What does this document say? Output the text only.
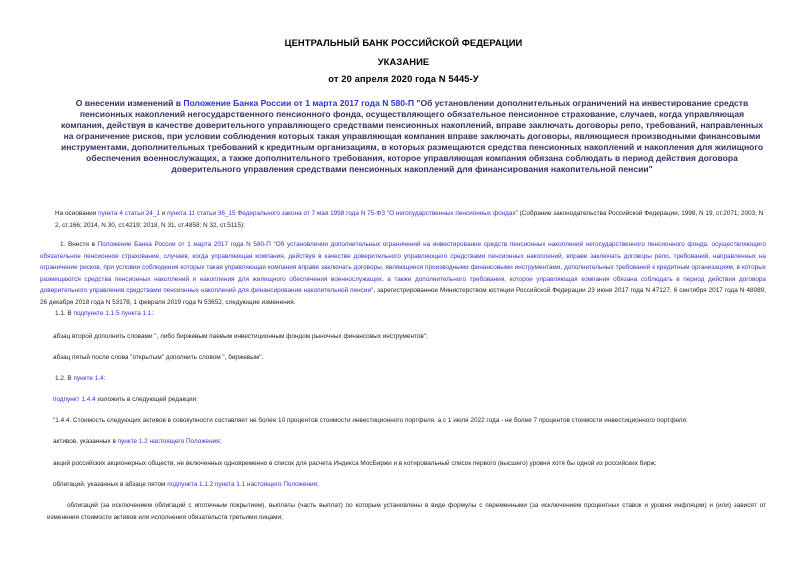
ЦЕНТРАЛЬНЫЙ БАНК РОССИЙСКОЙ ФЕДЕРАЦИИ
УКАЗАНИЕ
от 20 апреля 2020 года N 5445-У
О внесении изменений в Положение Банка России от 1 марта 2017 года N 580-П "Об установлении дополнительных ограничений на инвестирование средств пенсионных накоплений негосударственного пенсионного фонда, осуществляющего обязательное пенсионное страхование, случаев, когда управляющая компания, действуя в качестве доверительного управляющего средствами пенсионных накоплений, вправе заключать договоры репо, требований, направленных на ограничение рисков, при условии соблюдения которых такая управляющая компания вправе заключать договоры, являющиеся производными финансовыми инструментами, дополнительных требований к кредитным организациям, в которых размещаются средства пенсионных накоплений и накопления для жилищного обеспечения военнослужащих, а также дополнительного требования, которое управляющая компания обязана соблюдать в период действия договора доверительного управления средствами пенсионных накоплений для финансирования накопительной пенсии"
На основании пункта 4 статьи 24_1 и пункта 11 статьи 36_15 Федерального закона от 7 мая 1998 года N 75-ФЗ "О негосударственных пенсионных фондах" (Собрание законодательства Российской Федерации, 1998, N 19, ст.2071; 2003, N 2, ст.166; 2014, N 30, ст.4219; 2018, N 31, ст.4858; N 32, ст.5115):
1. Внести в Положение Банка России от 1 марта 2017 года N 580-П "Об установлении дополнительных ограничений на инвестирование средств пенсионных накоплений негосударственного пенсионного фонда, осуществляющего обязательное пенсионное страхование, случаев, когда управляющая компания, действуя в качестве доверительного управляющего средствами пенсионных накоплений, вправе заключать договоры репо, требований, направленных на ограничение рисков, при условии соблюдения которых такая управляющая компания вправе заключать договоры, являющиеся производными финансовыми инструментами, дополнительных требований к кредитным организациям, в которых размещаются средства пенсионных накоплений и накопления для жилищного обеспечения военнослужащих, а также дополнительного требования, которое управляющая компания обязана соблюдать в период действия договора доверительного управления средствами пенсионных накоплений для финансирования накопительной пенсии", зарегистрированное Министерством юстиции Российской Федерации 23 июня 2017 года N 47127, 6 сентября 2017 года N 48089, 26 декабря 2018 года N 53178, 1 февраля 2019 года N 53652, следующие изменения.
1.1. В подпункте 1.1.5 пункта 1.1:
абзац второй дополнить словами ", либо биржевым паевым инвестиционным фондом рыночных финансовых инструментов";
абзац пятый после слова "открытым" дополнить словом ", биржевым".
1.2. В пункте 1.4:
подпункт 1.4.4 изложить в следующей редакции:
"1.4.4. Стоимость следующих активов в совокупности составляет не более 10 процентов стоимости инвестиционного портфеля, а с 1 июля 2022 года - не более 7 процентов стоимости инвестиционного портфеля:
активов, указанных в пункте 1.2 настоящего Положения;
акций российских акционерных обществ, не включенных одновременно в список для расчета Индекса МосБиржи и в котировальный список первого (высшего) уровня хотя бы одной из российских бирж;
облигаций, указанных в абзаце пятом подпункта 1.1.2 пункта 1.1 настоящего Положения;
облигаций (за исключением облигаций с ипотечным покрытием), выплаты (часть выплат) по которым установлены в виде формулы с переменными (за исключением процентных ставок и уровня инфляции) и (или) зависят от изменения стоимости активов или исполнения обязательств третьими лицами;
